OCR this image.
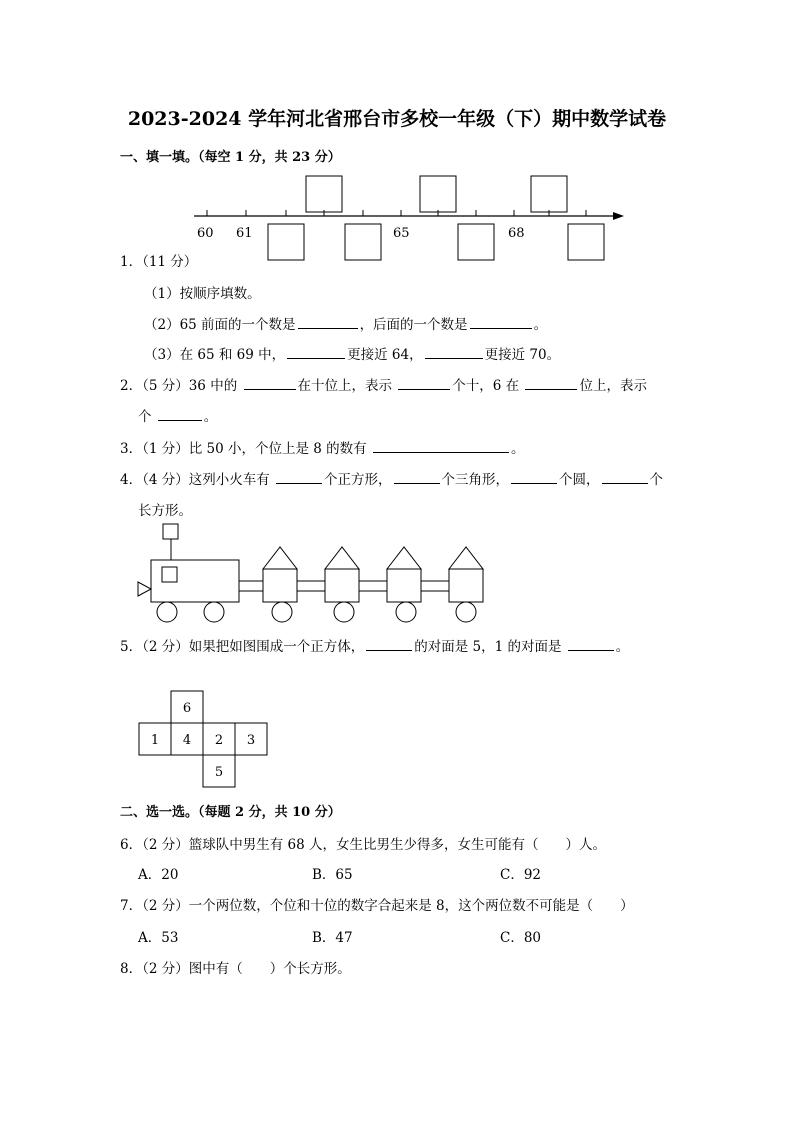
2023-2024 学年河北省邢台市多校一年级（下）期中数学试卷
一、填一填。（每空 1 分，共 23 分）
60 61	65	68
1．（11 分）
（1）按顺序填数。
（2）65 前面的一个数是	，后面的一个数是	。
（3）在 65 和 69 中，	更接近 64，	更接近 70。
2．（5 分）36 中的	在十位上，表示	个十，6 在	位上，表示
个	。
3．（1 分）比 50 小，个位上是 8 的数有	。
4．（4 分）这列小火车有	个正方形，	个三角形，	个圆，	个
长方形。
5．（2 分）如果把如图围成一个正方体，	的对面是 5，1 的对面是	。
6
1 4 2 3
5
二、选一选。（每题 2 分，共 10 分）
6．（2 分）篮球队中男生有 68 人，女生比男生少得多，女生可能有（　　）人。
A．20	B．65	C．92
7．（2 分）一个两位数，个位和十位的数字合起来是 8，这个两位数不可能是（　　）
A．53	B．47	C．80
8．（2 分）图中有（　　）个长方形。
